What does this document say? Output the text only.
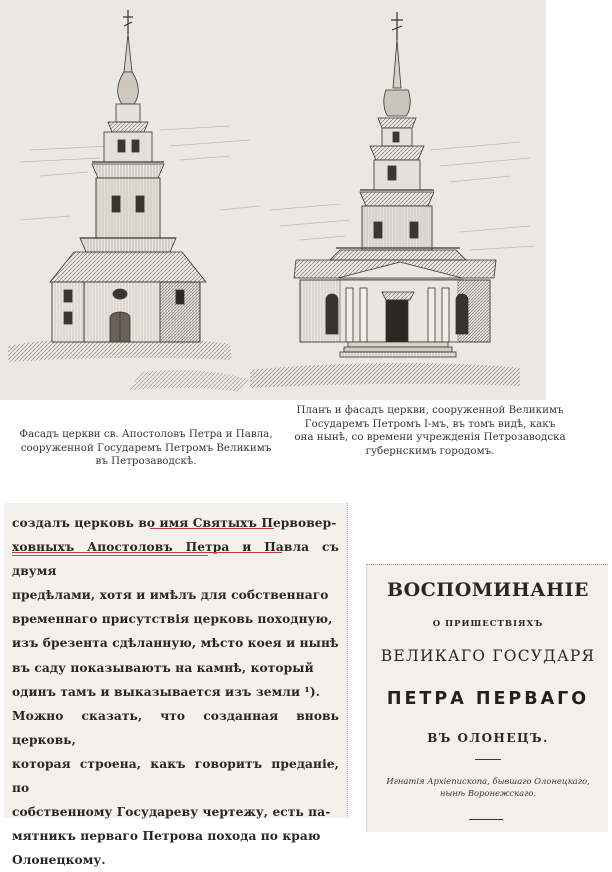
Фасадъ церкви св. Апостоловъ Петра и Павла,
сооруженной Государемъ Петромъ Великимъ
въ Петрозаводскѣ.
Планъ и фасадъ церкви, сооруженной Великимъ
Государемъ Петромъ I-мъ, въ томъ видѣ, какъ
она нынѣ, со времени учрежденія Петрозаводска
губернскимъ городомъ.

создалъ церковь во имя Святыхъ Первовер-

ховныхъ Апостоловъ Петра и Павла съ двумя

предѣлами, хотя и имѣлъ для собственнаго

временнаго присутствія церковь походную,

изъ брезента сдѣланную, мѣсто коея и нынѣ

въ саду показываютъ на камнѣ, который

одинъ тамъ и выказывается изъ земли ¹).

Можно сказать, что созданная вновь церковь,

которая строена, какъ говоритъ преданіе, по

собственному Государеву чертежу, есть па-

мятникъ перваго Петрова похода по краю

Олонецкому.

ВОСПОМИНАНІЕ

О ПРИШЕСТВІЯХЪ

ВЕЛИКАГО ГОСУДАРЯ

ПЕТРА ПЕРВАГО

ВЪ ОЛОНЕЦЪ.

Игнатія Архіепископа, бывшаго Олонецкаго,

нынѣ Воронежскаго.
